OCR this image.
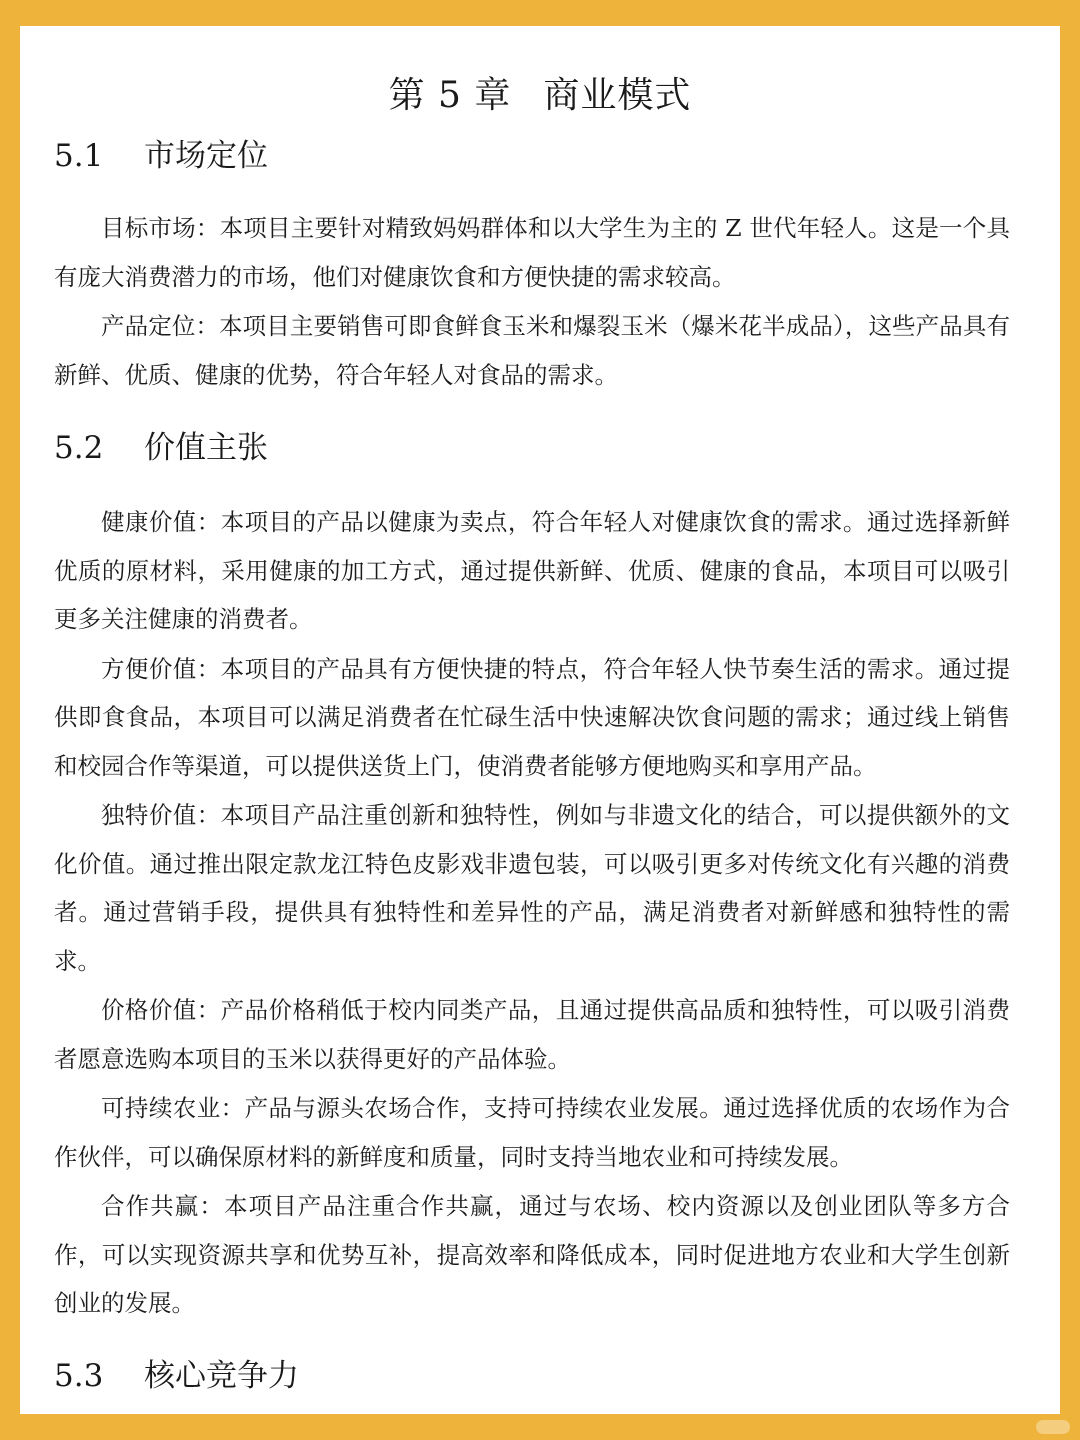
第 5 章 商业模式
5.1 市场定位

目标市场：本项目主要针对精致妈妈群体和以大学生为主的 Z 世代年轻人。这是一个具有庞大消费潜力的市场，他们对健康饮食和方便快捷的需求较高。

产品定位：本项目主要销售可即食鲜食玉米和爆裂玉米（爆米花半成品），这些产品具有新鲜、优质、健康的优势，符合年轻人对食品的需求。

5.2 价值主张

健康价值：本项目的产品以健康为卖点，符合年轻人对健康饮食的需求。通过选择新鲜优质的原材料，采用健康的加工方式，通过提供新鲜、优质、健康的食品，本项目可以吸引更多关注健康的消费者。

方便价值：本项目的产品具有方便快捷的特点，符合年轻人快节奏生活的需求。通过提供即食食品，本项目可以满足消费者在忙碌生活中快速解决饮食问题的需求；通过线上销售和校园合作等渠道，可以提供送货上门，使消费者能够方便地购买和享用产品。

独特价值：本项目产品注重创新和独特性，例如与非遗文化的结合，可以提供额外的文化价值。通过推出限定款龙江特色皮影戏非遗包装，可以吸引更多对传统文化有兴趣的消费者。通过营销手段，提供具有独特性和差异性的产品，满足消费者对新鲜感和独特性的需求。

价格价值：产品价格稍低于校内同类产品，且通过提供高品质和独特性，可以吸引消费者愿意选购本项目的玉米以获得更好的产品体验。

可持续农业：产品与源头农场合作，支持可持续农业发展。通过选择优质的农场作为合作伙伴，可以确保原材料的新鲜度和质量，同时支持当地农业和可持续发展。

合作共赢：本项目产品注重合作共赢，通过与农场、校内资源以及创业团队等多方合作，可以实现资源共享和优势互补，提高效率和降低成本，同时促进地方农业和大学生创新创业的发展。

5.3 核心竞争力
